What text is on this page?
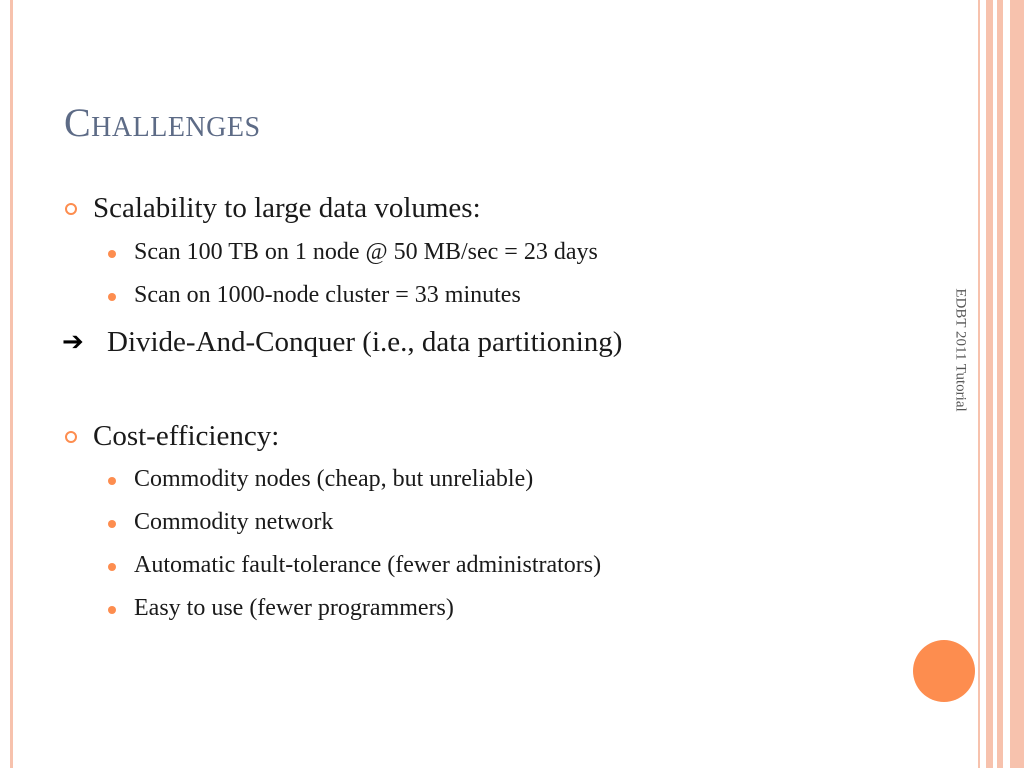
Challenges
EDBT 2011 Tutorial
Scalability to large data volumes:
Scan 100 TB on 1 node @ 50 MB/sec = 23 days
Scan on 1000-node cluster = 33 minutes
➔ Divide-And-Conquer (i.e., data partitioning)
Cost-efficiency:
Commodity nodes (cheap, but unreliable)
Commodity network
Automatic fault-tolerance (fewer administrators)
Easy to use (fewer programmers)
